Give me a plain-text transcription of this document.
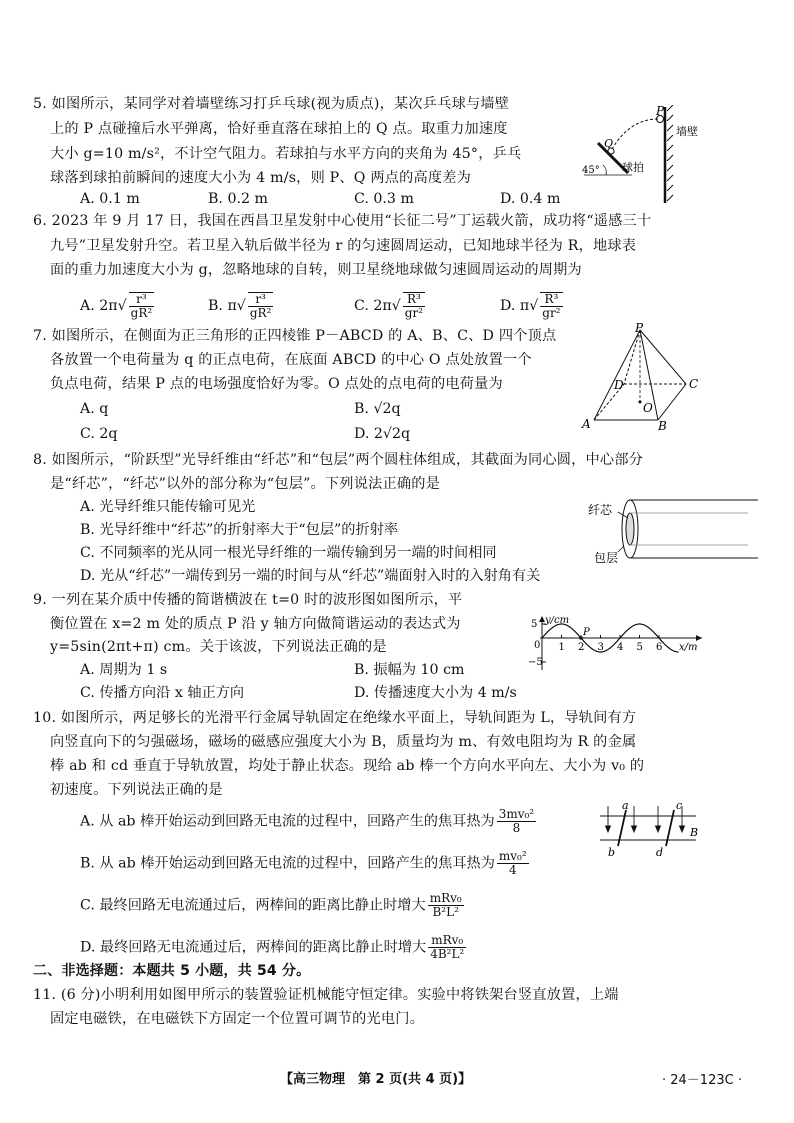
5. 如图所示，某同学对着墙壁练习打乒乓球(视为质点)，某次乒乓球与墙壁
上的 P 点碰撞后水平弹离，恰好垂直落在球拍上的 Q 点。取重力加速度
大小 g=10 m/s²，不计空气阻力。若球拍与水平方向的夹角为 45°，乒乓
球落到球拍前瞬间的速度大小为 4 m/s，则 P、Q 两点的高度差为
A. 0.1 m	B. 0.2 m	C. 0.3 m	D. 0.4 m
P
Q
墙壁
球拍
45°
6. 2023 年 9 月 17 日，我国在西昌卫星发射中心使用“长征二号”丁运载火箭，成功将“遥感三十
九号”卫星发射升空。若卫星入轨后做半径为 r 的匀速圆周运动，已知地球半径为 R，地球表
面的重力加速度大小为 g，忽略地球的自转，则卫星绕地球做匀速圆周运动的周期为
A. $2\pi√ \frac{\text{r³}}{\text{gR²}}$	B. $\pi√ \frac{\text{r³}}{\text{gR²}}$	C. $2\pi√ \frac{\text{R³}}{\text{gr²}}$	D. $\pi√ \frac{\text{R³}}{\text{gr²}}$
7. 如图所示，在侧面为正三角形的正四棱锥 P－ABCD 的 A、B、C、D 四个顶点
各放置一个电荷量为 q 的正点电荷，在底面 ABCD 的中心 O 点处放置一个
负点电荷，结果 P 点的电场强度恰好为零。O 点处的点电荷的电荷量为
A. q	B. √2q
C. 2q	D. 2√2q
P
A	B
C
D
O
8. 如图所示，“阶跃型”光导纤维由“纤芯”和“包层”两个圆柱体组成，其截面为同心圆，中心部分
是“纤芯”，“纤芯”以外的部分称为“包层”。下列说法正确的是
A. 光导纤维只能传输可见光
B. 光导纤维中“纤芯”的折射率大于“包层”的折射率
C. 不同频率的光从同一根光导纤维的一端传输到另一端的时间相同
D. 光从“纤芯”一端传到另一端的时间与从“纤芯”端面射入时的入射角有关
纤芯
包层
9. 一列在某介质中传播的简谐横波在 t=0 时的波形图如图所示，平
衡位置在 x=2 m 处的质点 P 沿 y 轴方向做简谐运动的表达式为
y=5sin(2πt+π) cm。关于该波，下列说法正确的是
A. 周期为 1 s	B. 振幅为 10 cm
C. 传播方向沿 x 轴正方向	D. 传播速度大小为 4 m/s
1 2 3 4 5 6
y/cm
x/m
5
−5
0
P
10. 如图所示，两足够长的光滑平行金属导轨固定在绝缘水平面上，导轨间距为 L，导轨间有方
向竖直向下的匀强磁场，磁场的磁感应强度大小为 B，质量均为 m、有效电阻均为 R 的金属
棒 ab 和 cd 垂直于导轨放置，均处于静止状态。现给 ab 棒一个方向水平向左、大小为 v₀ 的
初速度。下列说法正确的是
A. 从 ab 棒开始运动到回路无电流的过程中，回路产生的焦耳热为 $\frac{\text{3mv₀²}}{8}$
B. 从 ab 棒开始运动到回路无电流的过程中，回路产生的焦耳热为 $\frac{\text{mv₀²}}{4}$
C. 最终回路无电流通过后，两棒间的距离比静止时增大 $\frac{\text{mRv₀}}{\text{B²L²}}$
D. 最终回路无电流通过后，两棒间的距离比静止时增大 $\frac{\text{mRv₀}}{\text{4B²L²}}$
a
b
c
d
B
二、非选择题：本题共 5 小题，共 54 分。
11. (6 分)小明利用如图甲所示的装置验证机械能守恒定律。实验中将铁架台竖直放置，上端
固定电磁铁，在电磁铁下方固定一个位置可调节的光电门。
【高三物理　第 2 页(共 4 页)】	· 24－123C ·
